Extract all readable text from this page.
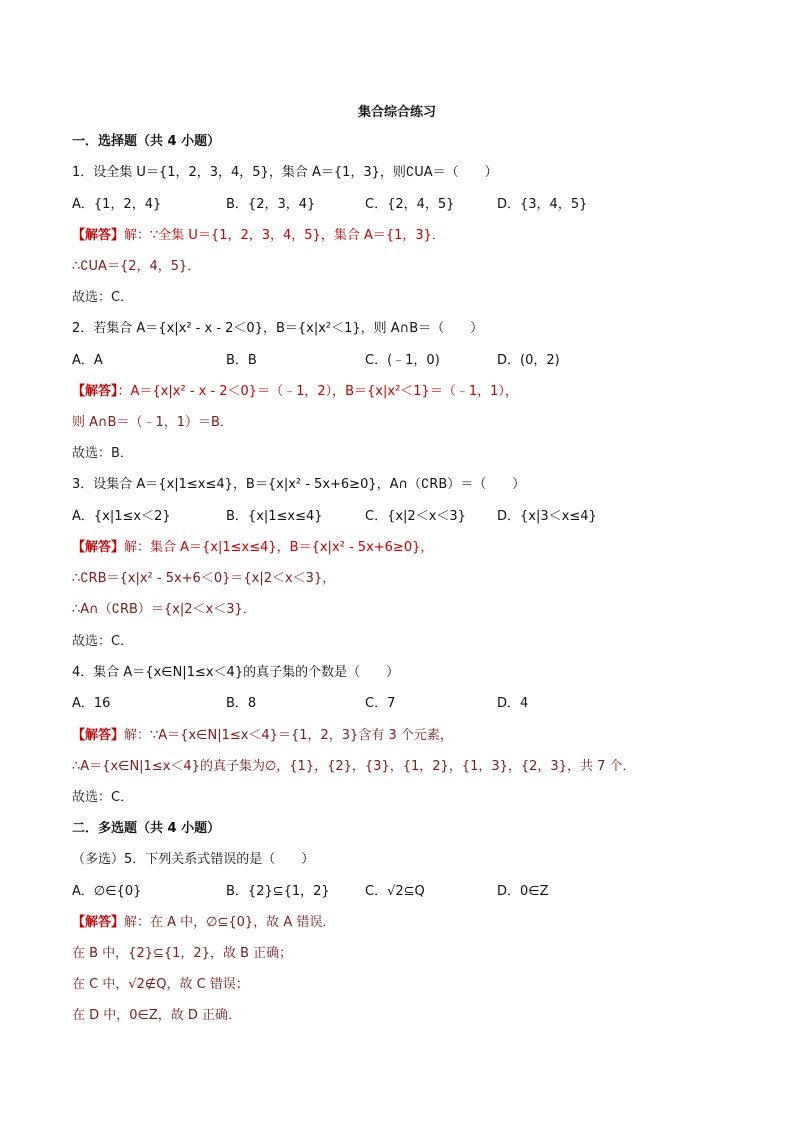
集合综合练习
一．选择题（共 4 小题）
1．设全集 U＝{1，2，3，4，5}，集合 A＝{1，3}，则∁UA＝（　　）
A．{1，2，4}	B．{2，3，4}	C．{2，4，5}	D．{3，4，5}
【解答】解：∵全集 U＝{1，2，3，4，5}，集合 A＝{1，3}．
∴∁UA＝{2，4，5}．
故选：C．
2．若集合 A＝{x|x² - x - 2＜0}，B＝{x|x²＜1}，则 A∩B＝（　　）
A．A	B．B	C．(﹣1，0)	D．(0，2)
【解答】：A＝{x|x² - x - 2＜0}＝（﹣1，2），B＝{x|x²＜1}＝（﹣1，1），
则 A∩B＝（﹣1，1）＝B．
故选：B．
3．设集合 A＝{x|1≤x≤4}，B＝{x|x² - 5x+6≥0}，A∩（∁RB）＝（　　）
A．{x|1≤x＜2}	B．{x|1≤x≤4}	C．{x|2＜x＜3} D．{x|3＜x≤4}
【解答】解：集合 A＝{x|1≤x≤4}，B＝{x|x² - 5x+6≥0}，
∴∁RB＝{x|x² - 5x+6＜0}＝{x|2＜x＜3}，
∴A∩（∁RB）＝{x|2＜x＜3}．
故选：C．
4．集合 A＝{x∈N|1≤x＜4}的真子集的个数是（　　）
A．16	B．8	C．7	D．4
【解答】解：∵A＝{x∈N|1≤x＜4}＝{1，2，3}含有 3 个元素，
∴A＝{x∈N|1≤x＜4}的真子集为∅，{1}，{2}，{3}，{1，2}，{1，3}，{2，3}，共 7 个．
故选：C．
二．多选题（共 4 小题）
（多选）5．下列关系式错误的是（　　）
A．∅∈{0}	B．{2}⊆{1，2}	C．√2⊆Q	D．0∈Z
【解答】解：在 A 中，∅⊆{0}，故 A 错误．
在 B 中，{2}⊆{1，2}，故 B 正确；
在 C 中，√2∉Q，故 C 错误；
在 D 中，0∈Z，故 D 正确．
